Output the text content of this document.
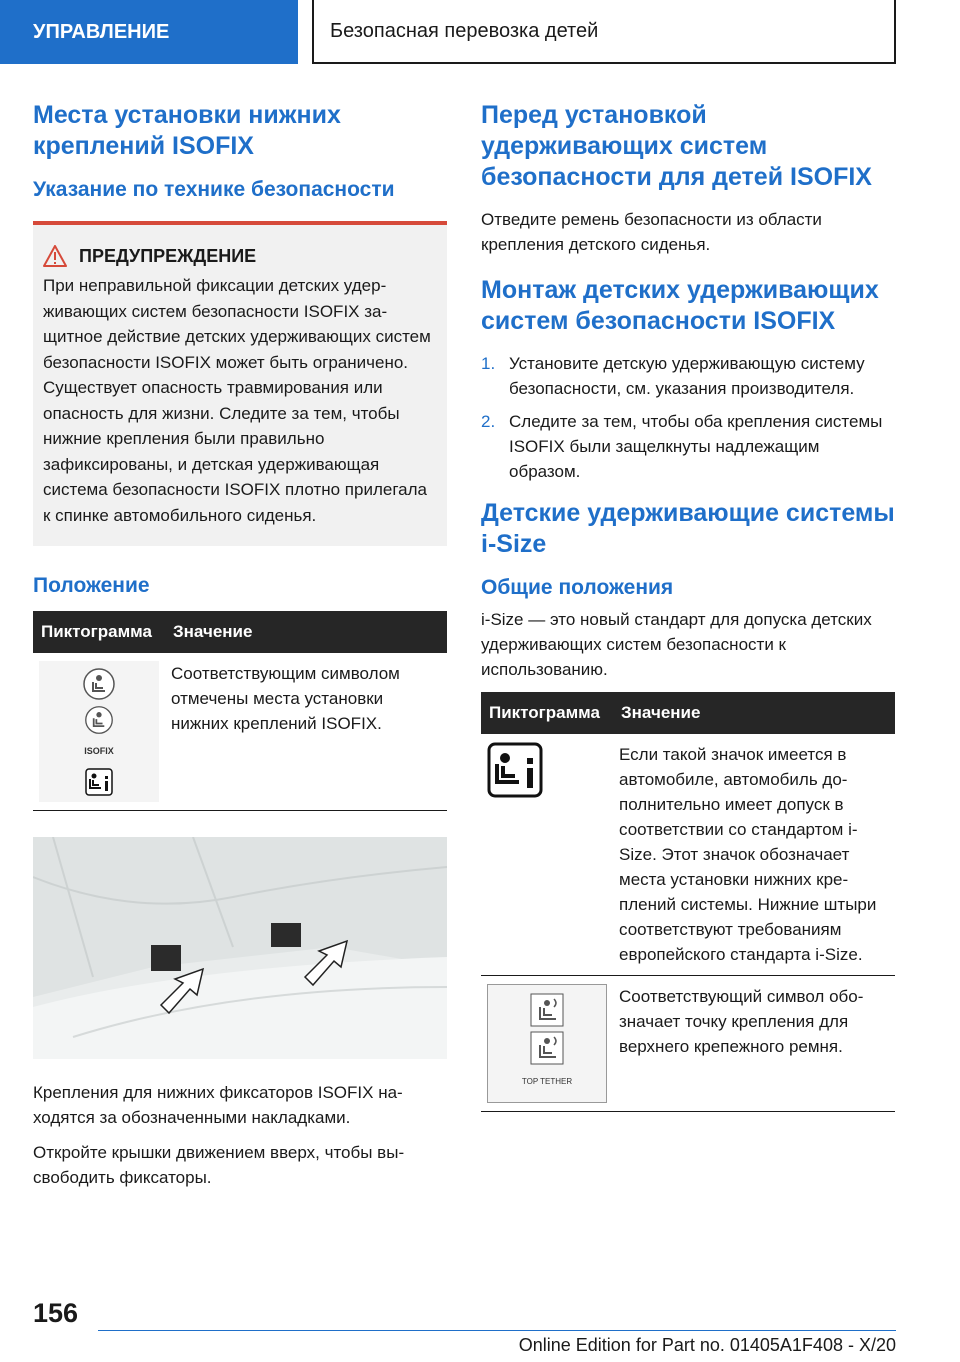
УПРАВЛЕНИЕ	Безопасная перевозка детей
Места установки нижних креплений ISOFIX
Указание по технике безопасности
ПРЕДУПРЕЖДЕНИЕ
При неправильной фиксации детских удерживающих систем безопасности ISOFIX защитное действие детских удерживающих систем безопасности ISOFIX может быть ограничено. Существует опасность травмирования или опасность для жизни. Следите за тем, чтобы нижние крепления были правильно зафиксированы, и детская удерживающая система безопасности ISOFIX плотно прилегала к спинке автомобильного сиденья.
Положение
Пиктограмма	Значение

ISOFIX	Соответствующим символом отмечены места установки нижних креплений ISOFIX.
Крепления для нижних фиксаторов ISOFIX находятся за обозначенными накладками.
Откройте крышки движением вверх, чтобы высвободить фиксаторы.
Перед установкой удерживающих систем безопасности для детей ISOFIX
Отведите ремень безопасности из области крепления детского сиденья.
Монтаж детских удерживающих систем безопасности ISOFIX
1. Установите детскую удерживающую систему безопасности, см. указания производителя.
2. Следите за тем, чтобы оба крепления системы ISOFIX были защелкнуты надлежащим образом.
Детские удерживающие системы i-Size
Общие положения
i-Size — это новый стандарт для допуска детских удерживающих систем безопасности к использованию.
Пиктограмма	Значение
	Если такой значок имеется в автомобиле, автомобиль дополнительно имеет допуск в соответствии со стандартом i-Size. Этот значок обозначает места установки нижних креплений системы. Нижние штыри соответствуют требованиям европейского стандарта i-Size.

TOP TETHER	Соответствующий символ обозначает точку крепления для верхнего крепежного ремня.
156
Online Edition for Part no. 01405A1F408 - X/20
